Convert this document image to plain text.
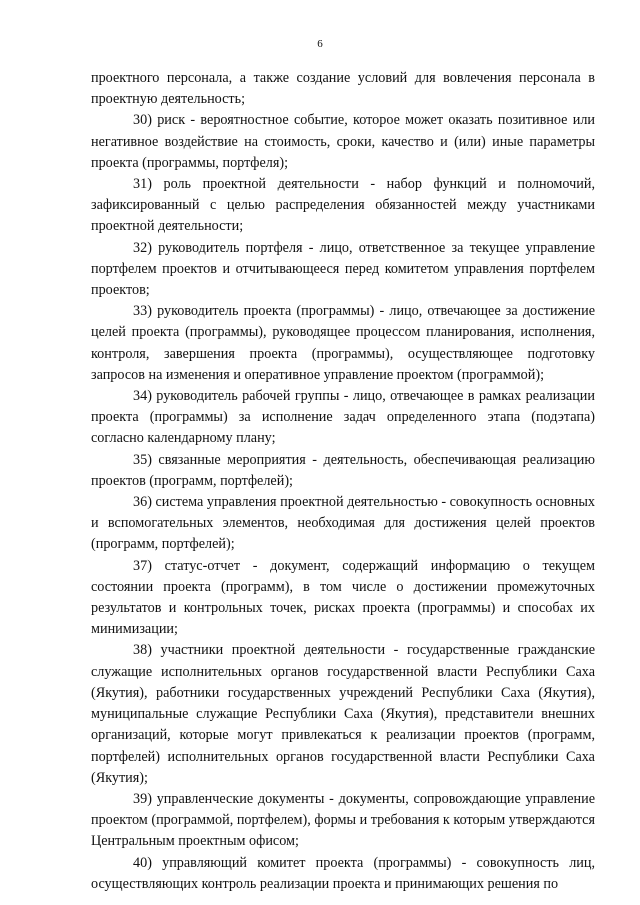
6

проектного персонала, а также создание условий для вовлечения персонала в проектную деятельность;

30) риск - вероятностное событие, которое может оказать позитивное или негативное воздействие на стоимость, сроки, качество и (или) иные параметры проекта (программы, портфеля);

31) роль проектной деятельности - набор функций и полномочий, зафиксированный с целью распределения обязанностей между участниками проектной деятельности;

32) руководитель портфеля - лицо, ответственное за текущее управление портфелем проектов и отчитывающееся перед комитетом управления портфелем проектов;

33) руководитель проекта (программы) - лицо, отвечающее за достижение целей проекта (программы), руководящее процессом планирования, исполнения, контроля, завершения проекта (программы), осуществляющее подготовку запросов на изменения и оперативное управление проектом (программой);

34) руководитель рабочей группы - лицо, отвечающее в рамках реализации проекта (программы) за исполнение задач определенного этапа (подэтапа) согласно календарному плану;

35) связанные мероприятия - деятельность, обеспечивающая реализацию проектов (программ, портфелей);

36) система управления проектной деятельностью - совокупность основных и вспомогательных элементов, необходимая для достижения целей проектов (программ, портфелей);

37) статус-отчет - документ, содержащий информацию о текущем состоянии проекта (программ), в том числе о достижении промежуточных результатов и контрольных точек, рисках проекта (программы) и способах их минимизации;

38) участники проектной деятельности - государственные гражданские служащие исполнительных органов государственной власти Республики Саха (Якутия), работники государственных учреждений Республики Саха (Якутия), муниципальные служащие Республики Саха (Якутия), представители внешних организаций, которые могут привлекаться к реализации проектов (программ, портфелей) исполнительных органов государственной власти Республики Саха (Якутия);

39) управленческие документы - документы, сопровождающие управление проектом (программой, портфелем), формы и требования к которым утверждаются Центральным проектным офисом;

40) управляющий комитет проекта (программы) - совокупность лиц, осуществляющих контроль реализации проекта и принимающих решения по
